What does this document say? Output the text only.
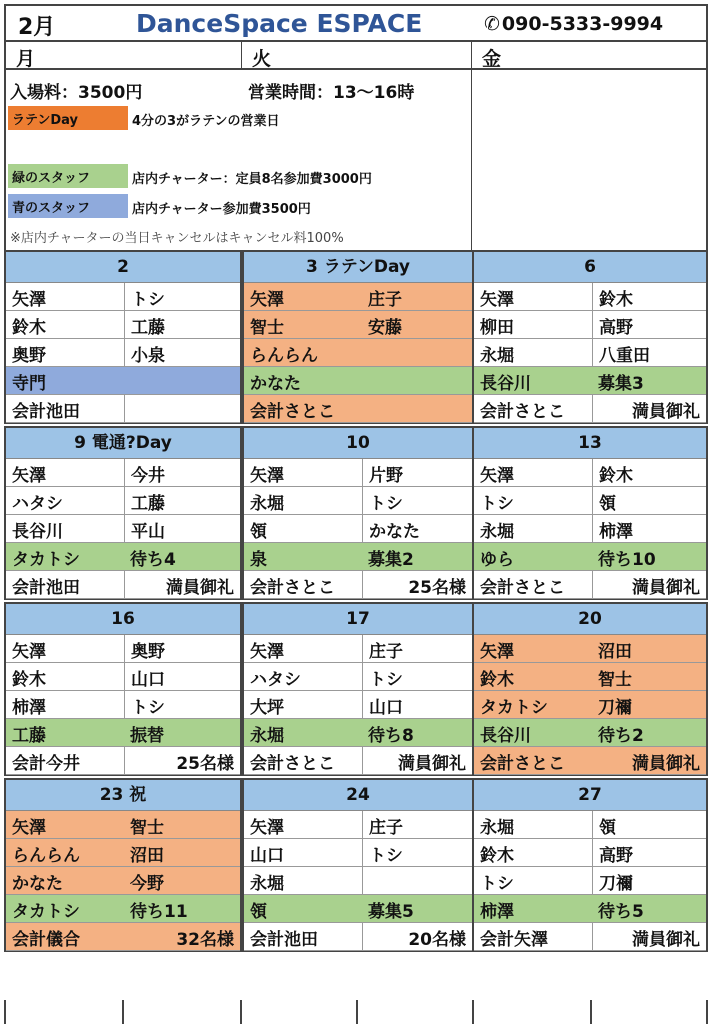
2月	DanceSpace ESPACE	✆ 090-5333-9994
月	火	金
入場料：3500円	営業時間：13〜16時
ラテンDay	4分の3がラテンの営業日
緑のスタッフ	店内チャーター：定員8名参加費3000円
青のスタッフ	店内チャーター参加費3500円
※店内チャーターの当日キャンセルはキャンセル料100%
2
矢澤	トシ
鈴木	工藤
奥野	小泉
寺門
会計池田
3 ラテンDay
矢澤	庄子
智士	安藤
らんらん
かなた
会計さとこ
6
矢澤	鈴木
柳田	高野
永堀	八重田
長谷川	募集3
会計さとこ	満員御礼
9 電通?Day
矢澤	今井
ハタシ	工藤
長谷川	平山
タカトシ	待ち4
会計池田	満員御礼
10
矢澤	片野
永堀	トシ
領	かなた
泉	募集2
会計さとこ	25名様
13
矢澤	鈴木
トシ	領
永堀	柿澤
ゆら	待ち10
会計さとこ	満員御礼
16
矢澤	奥野
鈴木	山口
柿澤	トシ
工藤	振替
会計今井	25名様
17
矢澤	庄子
ハタシ	トシ
大坪	山口
永堀	待ち8
会計さとこ	満員御礼
20
矢澤	沼田
鈴木	智士
タカトシ	刀禰
長谷川	待ち2
会計さとこ	満員御礼
23 祝
矢澤	智士
らんらん	沼田
かなた	今野
タカトシ	待ち11
会計儀合	32名様
24
矢澤	庄子
山口	トシ
永堀
領	募集5
会計池田	20名様
27
永堀	領
鈴木	高野
トシ	刀禰
柿澤	待ち5
会計矢澤	満員御礼
